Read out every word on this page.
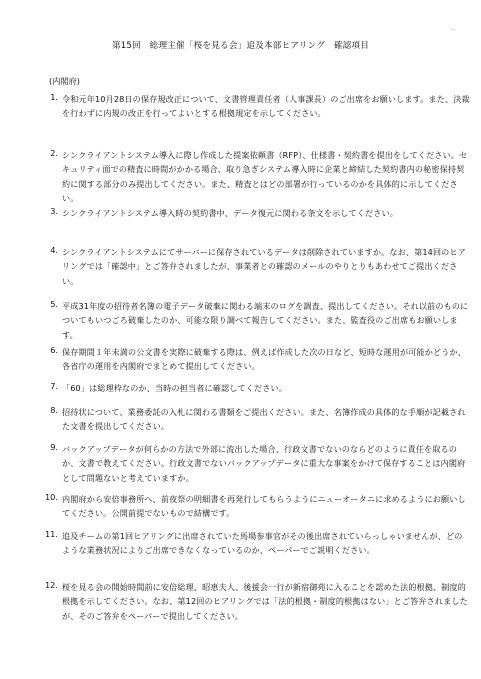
第15回　総理主催「桜を見る会」追及本部ヒアリング　確認項目
(内閣府)
1. 令和元年10月28日の保存規改正について、文書管理責任者（人事課長）のご出席をお願いします。また、決裁を行わずに内規の改正を行ってよいとする根拠規定を示してください。
2. シンクライアントシステム導入に際し作成した提案依頼書（RFP）、仕様書・契約書を提出をしてください。セキュリティ面での精査に時間がかかる場合、取り急ぎシステム導入時に企業と締結した契約書内の秘密保持契約に関する部分のみ提出してください。また、精査とはどの部署が行っているのかを具体的に示してください。
3. シンクライアントシステム導入時の契約書中、データ復元に関わる条文を示してください。
4. シンクライアントシステムにてサーバーに保存されているデータは削除されていますか。なお、第14回のヒアリングでは「確認中」とご答弁されましたが、事業者との確認のメールのやりとりもあわせてご提出ください。
5. 平成31年度の招待者名簿の電子データ破棄に関わる端末のログを調査、提出してください。それ以前のものについてもいつごろ破棄したのか、可能な限り調べて報告してください。また、監査役のご出席もお願いします。
6. 保存期間１年未満の公文書を実際に破棄する際は、例えば作成した次の日など、短時な運用が可能かどうか、各省庁の運用を内閣府でまとめて提出してください。
7. 「60」は総理枠なのか、当時の担当者に確認してください。
8. 招待状について、業務委託の入札に関わる書類をご提出ください。また、名簿作成の具体的な手順が記載された文書を提出してください。
9. バックアップデータが何らかの方法で外部に流出した場合、行政文書でないのならどのように責任を取るのか、文書で教えてください。行政文書でないバックアップデータに重大な事案をかけて保存することは内閣府として問題ないと考えていますか。
10. 内閣府から安倍事務所へ、前夜祭の明細書を再発行してもらうようにニューオータニに求めるようにお願いしてください。公開前提でないもので結構です。
11. 追及チームの第1回ヒアリングに出席されていた馬場参事官がその後出席されていらっしゃいませんが、どのような業務状況によりご出席できなくなっているのか、ペーパーでご説明ください。
12. 桜を見る会の開始時間前に安倍総理、昭恵夫人、後援会一行が新宿御苑に入ることを認めた法的根拠、制度的根拠を示してください。なお、第12回のヒアリングでは「法的根拠・制度的根拠はない」とご答弁されましたが、そのご答弁をペーパーで提出してください。
·
